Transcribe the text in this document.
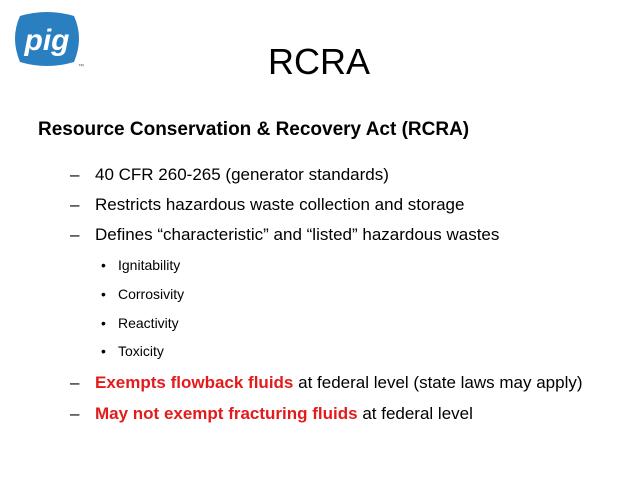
pig
™	RCRA
Resource Conservation & Recovery Act (RCRA)
– 40 CFR 260-265 (generator standards)
– Restricts hazardous waste collection and storage
– Defines “characteristic” and “listed” hazardous wastes
• Ignitability
• Corrosivity
• Reactivity
• Toxicity
– Exempts flowback fluids at federal level (state laws may apply)
– May not exempt fracturing fluids at federal level
